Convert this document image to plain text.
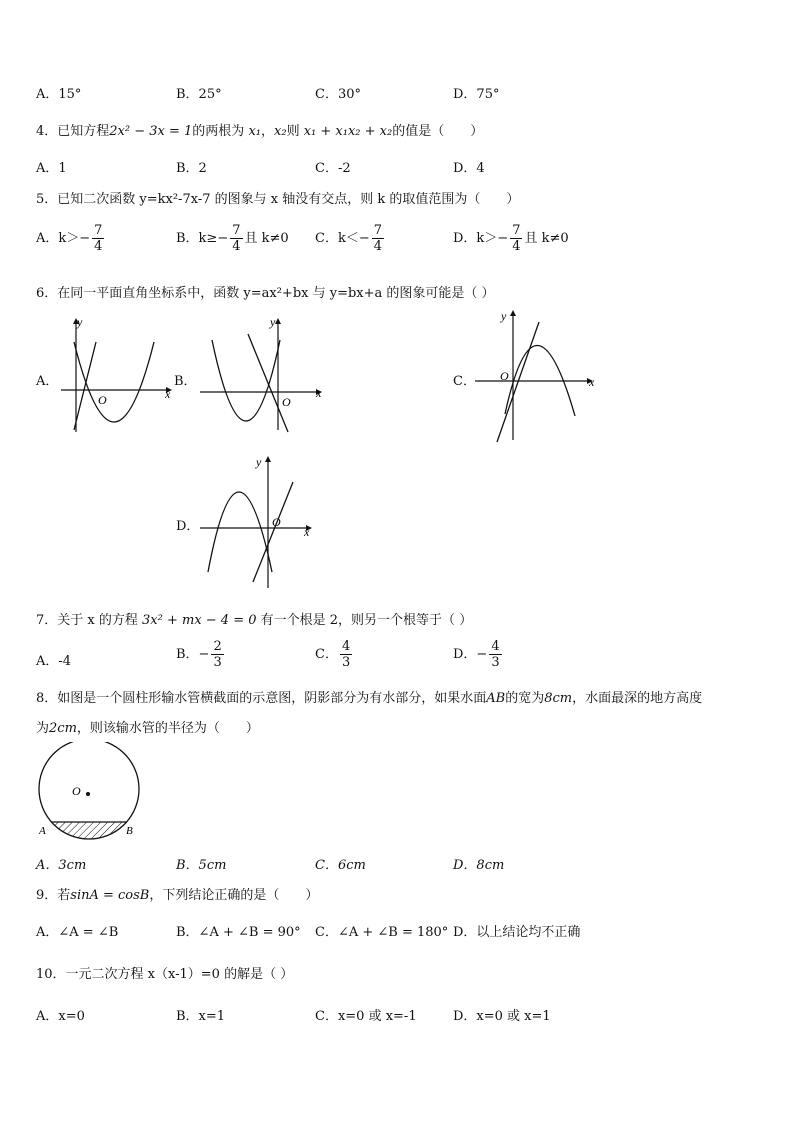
A．15°	B．25°	C．30°	D．75°
4．已知方程2x² − 3x = 1的两根为 x₁，x₂则 x₁ + x₁x₂ + x₂的值是（　　）
A．1	B．2	C．-2	D．4
5．已知二次函数 y=kx²-7x-7 的图象与 x 轴没有交点，则 k 的取值范围为（　　）
A．$k>- \frac{7}{4}$	B．$k\ge- \frac{7}{4}$ 且 k≠0 C．$k<- \frac{7}{4}$	D．$k>- \frac{7}{4}$ 且 k≠0
6．在同一平面直角坐标系中，函数 y=ax²+bx 与 y=bx+a 的图象可能是（ ）
A．
y
x
O
B．
y
x
O
C．
y
x
O
D．
y
x
O
7．关于 x 的方程 3x² + mx − 4 = 0 有一个根是 2，则另一个根等于（ ）
A．-4	B．− $\frac{2}{3}$	C． $\frac{4}{3}$	D．− $\frac{4}{3}$
8．如图是一个圆柱形输水管横截面的示意图，阴影部分为有水部分，如果水面AB的宽为8cm，水面最深的地方高度
为2cm，则该输水管的半径为（　　）
O
A	B
A．3cm	B．5cm	C．6cm	D．8cm
9．若sinA = cosB，下列结论正确的是（　　）
A．∠A = ∠B	B．∠A + ∠B = 90° C．∠A + ∠B = 180° D．以上结论均不正确
10．一元二次方程 x（x-1）=0 的解是（ ）
A．x=0	B．x=1	C．x=0 或 x=-1	D．x=0 或 x=1
